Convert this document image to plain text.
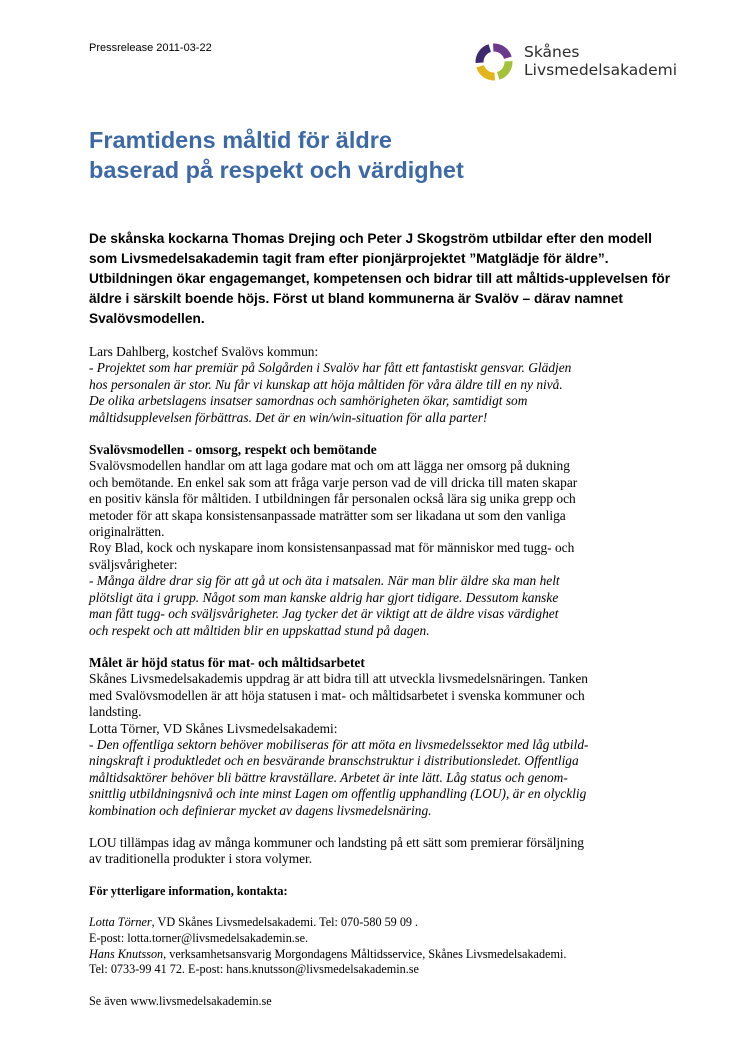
Pressrelease 2011-03-22	Skånes
Livsmedelsakademi
Framtidens måltid för äldre
baserad på respekt och värdighet

De skånska kockarna Thomas Drejing och Peter J Skogström utbildar efter den modell som Livsmedelsakademin tagit fram efter pionjärprojektet ”Matglädje för äldre”. Utbildningen ökar engagemanget, kompetensen och bidrar till att måltids-upplevelsen för äldre i särskilt boende höjs. Först ut bland kommunerna är Svalöv – därav namnet Svalövsmodellen.

Lars Dahlberg, kostchef Svalövs kommun:
- Projektet som har premiär på Solgården i Svalöv har fått ett fantastiskt gensvar. Glädjen
hos personalen är stor. Nu får vi kunskap att höja måltiden för våra äldre till en ny nivå.
De olika arbetslagens insatser samordnas och samhörigheten ökar, samtidigt som
måltidsupplevelsen förbättras. Det är en win/win-situation för alla parter!
Svalövsmodellen - omsorg, respekt och bemötande
Svalövsmodellen handlar om att laga godare mat och om att lägga ner omsorg på dukning
och bemötande. En enkel sak som att fråga varje person vad de vill dricka till maten skapar
en positiv känsla för måltiden. I utbildningen får personalen också lära sig unika grepp och
metoder för att skapa konsistensanpassade maträtter som ser likadana ut som den vanliga
originalrätten.
Roy Blad, kock och nyskapare inom konsistensanpassad mat för människor med tugg- och
sväljsvårigheter:
- Många äldre drar sig för att gå ut och äta i matsalen. När man blir äldre ska man helt
plötsligt äta i grupp. Något som man kanske aldrig har gjort tidigare. Dessutom kanske
man fått tugg- och sväljsvårigheter. Jag tycker det är viktigt att de äldre visas värdighet
och respekt och att måltiden blir en uppskattad stund på dagen.
Målet är höjd status för mat- och måltidsarbetet
Skånes Livsmedelsakademis uppdrag är att bidra till att utveckla livsmedelsnäringen. Tanken
med Svalövsmodellen är att höja statusen i mat- och måltidsarbetet i svenska kommuner och
landsting.
Lotta Törner, VD Skånes Livsmedelsakademi:
- Den offentliga sektorn behöver mobiliseras för att möta en livsmedelssektor med låg utbild-
ningskraft i produktledet och en besvärande branschstruktur i distributionsledet. Offentliga
måltidsaktörer behöver bli bättre kravställare. Arbetet är inte lätt. Låg status och genom-
snittlig utbildningsnivå och inte minst Lagen om offentlig upphandling (LOU), är en olycklig
kombination och definierar mycket av dagens livsmedelsnäring.
LOU tillämpas idag av många kommuner och landsting på ett sätt som premierar försäljning
av traditionella produkter i stora volymer.
För ytterligare information, kontakta:
Lotta Törner, VD Skånes Livsmedelsakademi. Tel: 070-580 59 09 .
E-post: lotta.torner@livsmedelsakademin.se.
Hans Knutsson, verksamhetsansvarig Morgondagens Måltidsservice, Skånes Livsmedelsakademi.
Tel: 0733-99 41 72. E-post: hans.knutsson@livsmedelsakademin.se
Se även www.livsmedelsakademin.se
